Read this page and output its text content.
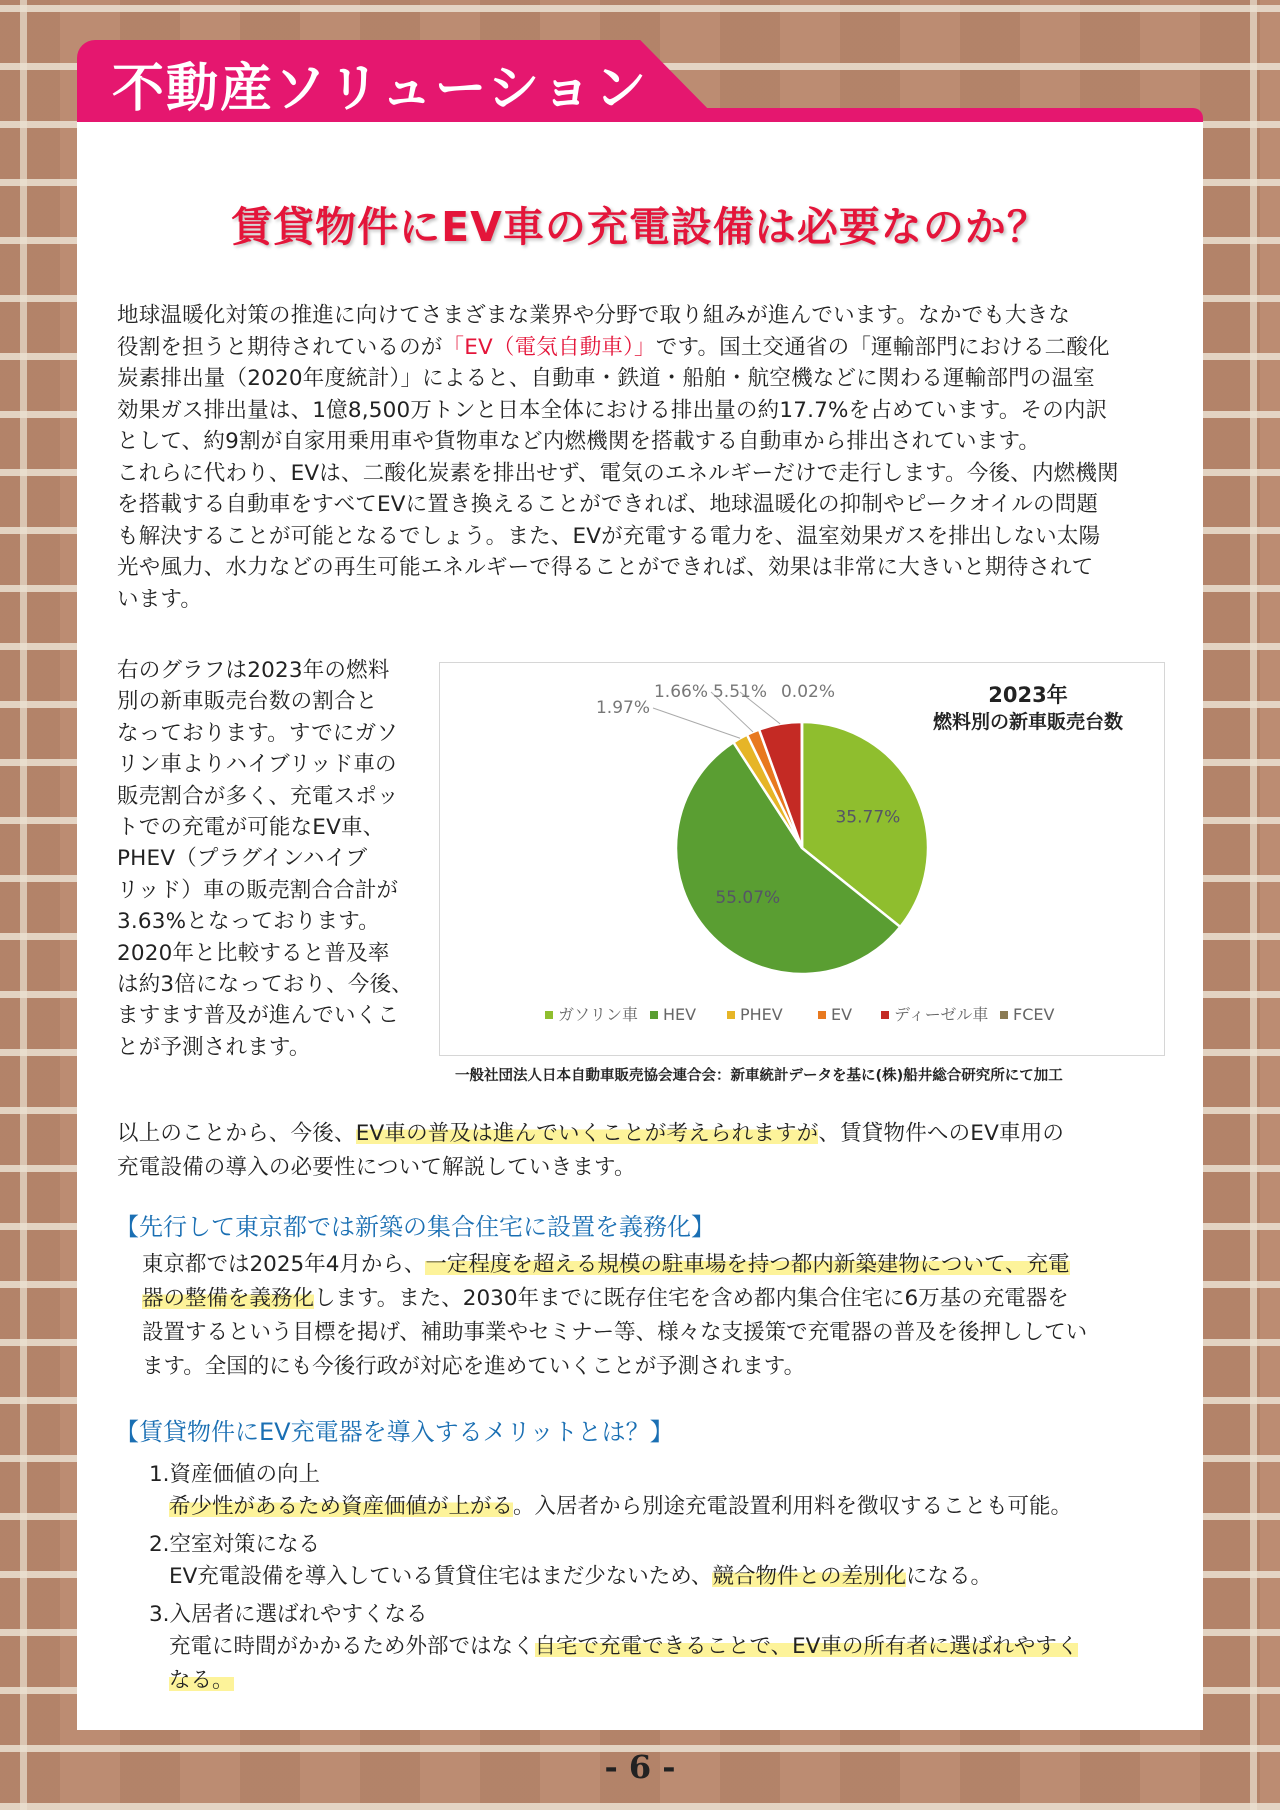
不動産ソリューション
賃貸物件にEV車の充電設備は必要なのか？
地球温暖化対策の推進に向けてさまざまな業界や分野で取り組みが進んでいます。なかでも大きな
役割を担うと期待されているのが「EV（電気自動車）」です。国土交通省の「運輸部門における二酸化
炭素排出量（2020年度統計）」によると、自動車・鉄道・船舶・航空機などに関わる運輸部門の温室
効果ガス排出量は、1億8,500万トンと日本全体における排出量の約17.7%を占めています。その内訳
として、約9割が自家用乗用車や貨物車など内燃機関を搭載する自動車から排出されています。
これらに代わり、EVは、二酸化炭素を排出せず、電気のエネルギーだけで走行します。今後、内燃機関
を搭載する自動車をすべてEVに置き換えることができれば、地球温暖化の抑制やピークオイルの問題
も解決することが可能となるでしょう。また、EVが充電する電力を、温室効果ガスを排出しない太陽
光や風力、水力などの再生可能エネルギーで得ることができれば、効果は非常に大きいと期待されて
います。
右のグラフは2023年の燃料
別の新車販売台数の割合と
なっております。すでにガソ
リン車よりハイブリッド車の
販売割合が多く、充電スポッ
トでの充電が可能なEV車、
PHEV（プラグインハイブ
リッド）車の販売割合合計が
3.63%となっております。
2020年と比較すると普及率
は約3倍になっており、今後、
ますます普及が進んでいくこ
とが予測されます。
35.77%
55.07%
1.97%
1.66% 5.51% 0.02%	2023年
燃料別の新車販売台数
ガソリン車 HEV	PHEV	EV	ディーゼル車 FCEV
一般社団法人日本自動車販売協会連合会：新車統計データを基に(株)船井総合研究所にて加工
以上のことから、今後、EV車の普及は進んでいくことが考えられますが、賃貸物件へのEV車用の
充電設備の導入の必要性について解説していきます。
【先行して東京都では新築の集合住宅に設置を義務化】
東京都では2025年4月から、一定程度を超える規模の駐車場を持つ都内新築建物について、充電
器の整備を義務化します。また、2030年までに既存住宅を含め都内集合住宅に6万基の充電器を
設置するという目標を掲げ、補助事業やセミナー等、様々な支援策で充電器の普及を後押ししてい
ます。全国的にも今後行政が対応を進めていくことが予測されます。
【賃貸物件にEV充電器を導入するメリットとは？】
1.資産価値の向上
希少性があるため資産価値が上がる。入居者から別途充電設置利用料を徴収することも可能。
2.空室対策になる
EV充電設備を導入している賃貸住宅はまだ少ないため、競合物件との差別化になる。
3.入居者に選ばれやすくなる
充電に時間がかかるため外部ではなく自宅で充電できることで、EV車の所有者に選ばれやすく
なる。
- 6 -
